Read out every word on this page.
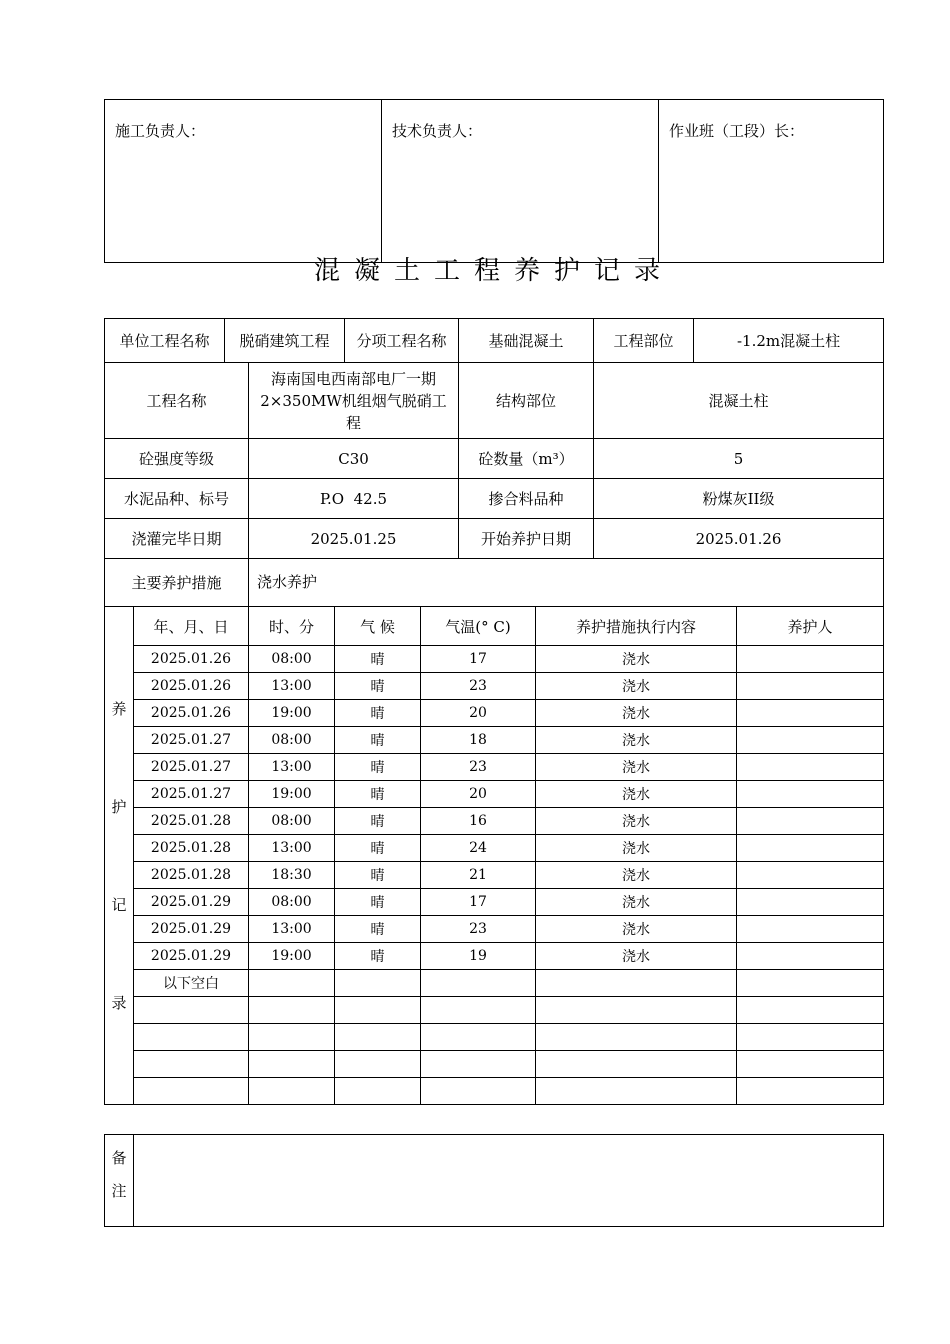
施工负责人：	技术负责人：	作业班（工段）长：
混凝土工程养护记录
单位工程名称	脱硝建筑工程		分项工程名称	基础混凝土	工程部位	-1.2m混凝土柱
工程名称		海南国电西南部电厂一期2×350MW机组烟气脱硝工程		结构部位	混凝土柱	
砼强度等级		C30		砼数量（m³）	5	
水泥品种、标号		P.O  42.5		掺合料品种	粉煤灰II级	
浇灌完毕日期		2025.01.25		开始养护日期	2025.01.26	
主要养护措施		浇水养护				
养
护
记
录	年、月、日	时、分	气 候	气温(° C)	养护措施执行内容	养护人
	2025.01.26	08:00	晴	17	浇水	
	2025.01.26	13:00	晴	23	浇水	
	2025.01.26	19:00	晴	20	浇水	
	2025.01.27	08:00	晴	18	浇水	
	2025.01.27	13:00	晴	23	浇水	
	2025.01.27	19:00	晴	20	浇水	
	2025.01.28	08:00	晴	16	浇水	
	2025.01.28	13:00	晴	24	浇水	
	2025.01.28	18:30	晴	21	浇水	
	2025.01.29	08:00	晴	17	浇水	
	2025.01.29	13:00	晴	23	浇水	
	2025.01.29	19:00	晴	19	浇水	
	以下空白					

备
注
